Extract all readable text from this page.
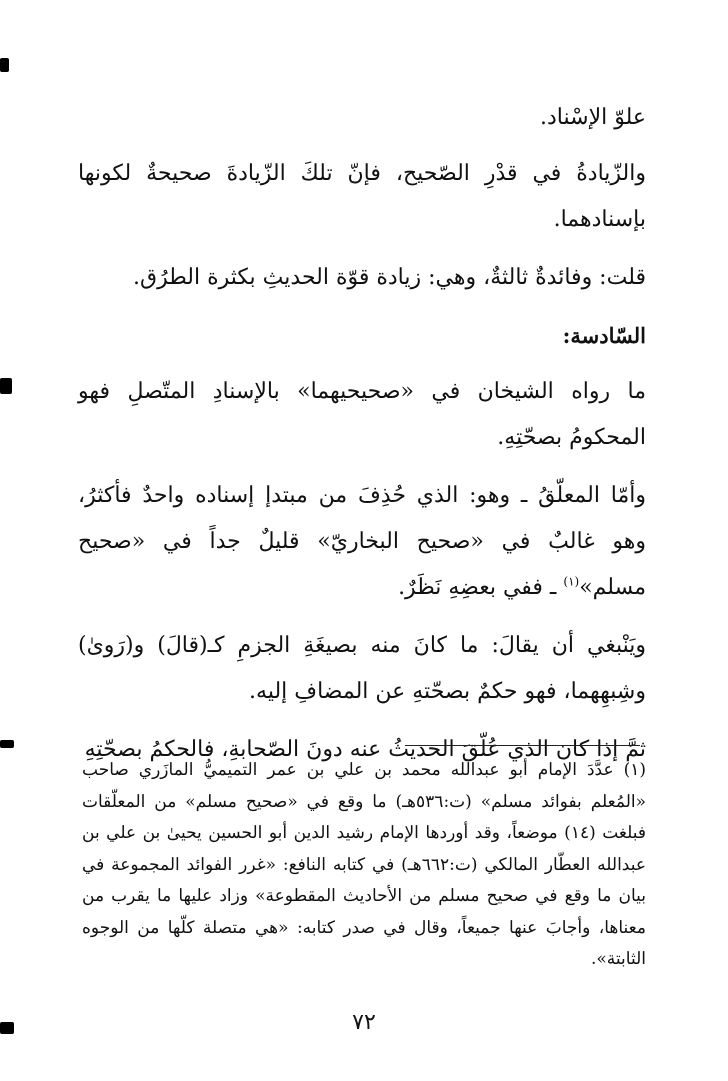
علوّ الإسْناد.

والزّيادةُ في قدْرِ الصّحيح، فإنّ تلكَ الزّيادةَ صحيحةٌ لكونها بإسنادهما.

قلت: وفائدةٌ ثالثةٌ، وهي: زيادة قوّة الحديثِ بكثرة الطرُق.

السّادسة:

ما رواه الشيخان في «صحيحيهما» بالإسنادِ المتّصلِ فهو المحكومُ بصحّتِهِ.

وأمّا المعلّقُ ـ وهو: الذي حُذِفَ من مبتدإ إسناده واحدٌ فأكثرُ، وهو غالبٌ في «صحيح البخاريّ» قليلٌ جداً في «صحيح مسلم»$^{(١)}$ ـ ففي بعضِهِ نَظَرٌ.

ويَنْبغي أن يقالَ: ما كانَ منه بصيغَةِ الجزمِ كـ(قالَ) و(رَوىٰ) وشِبهِهما، فهو حكمٌ بصحّتهِ عن المضافِ إليه.

ثمَّ إذا كان الذي عُلّقَ الحديثُ عنه دونَ الصّحابةِ، فالحكمُ بصحّتِهِ

(١) عدَّدَ الإمام أبو عبدالله محمد بن علي بن عمر التميميُّ المازَري صاحب «المُعلم بفوائد مسلم» (ت:٥٣٦هـ) ما وقع في «صحيح مسلم» من المعلّقات فبلغت (١٤) موضعاً، وقد أوردها الإمام رشيد الدين أبو الحسين يحيىٰ بن علي بن عبدالله العطّار المالكي (ت:٦٦٢هـ) في كتابه النافع: «غرر الفوائد المجموعة في بيان ما وقع في صحيح مسلم من الأحاديث المقطوعة» وزاد عليها ما يقرب من معناها، وأجابَ عنها جميعاً، وقال في صدر كتابه: «هي متصلة كلّها من الوجوه الثابتة».

٧٢
